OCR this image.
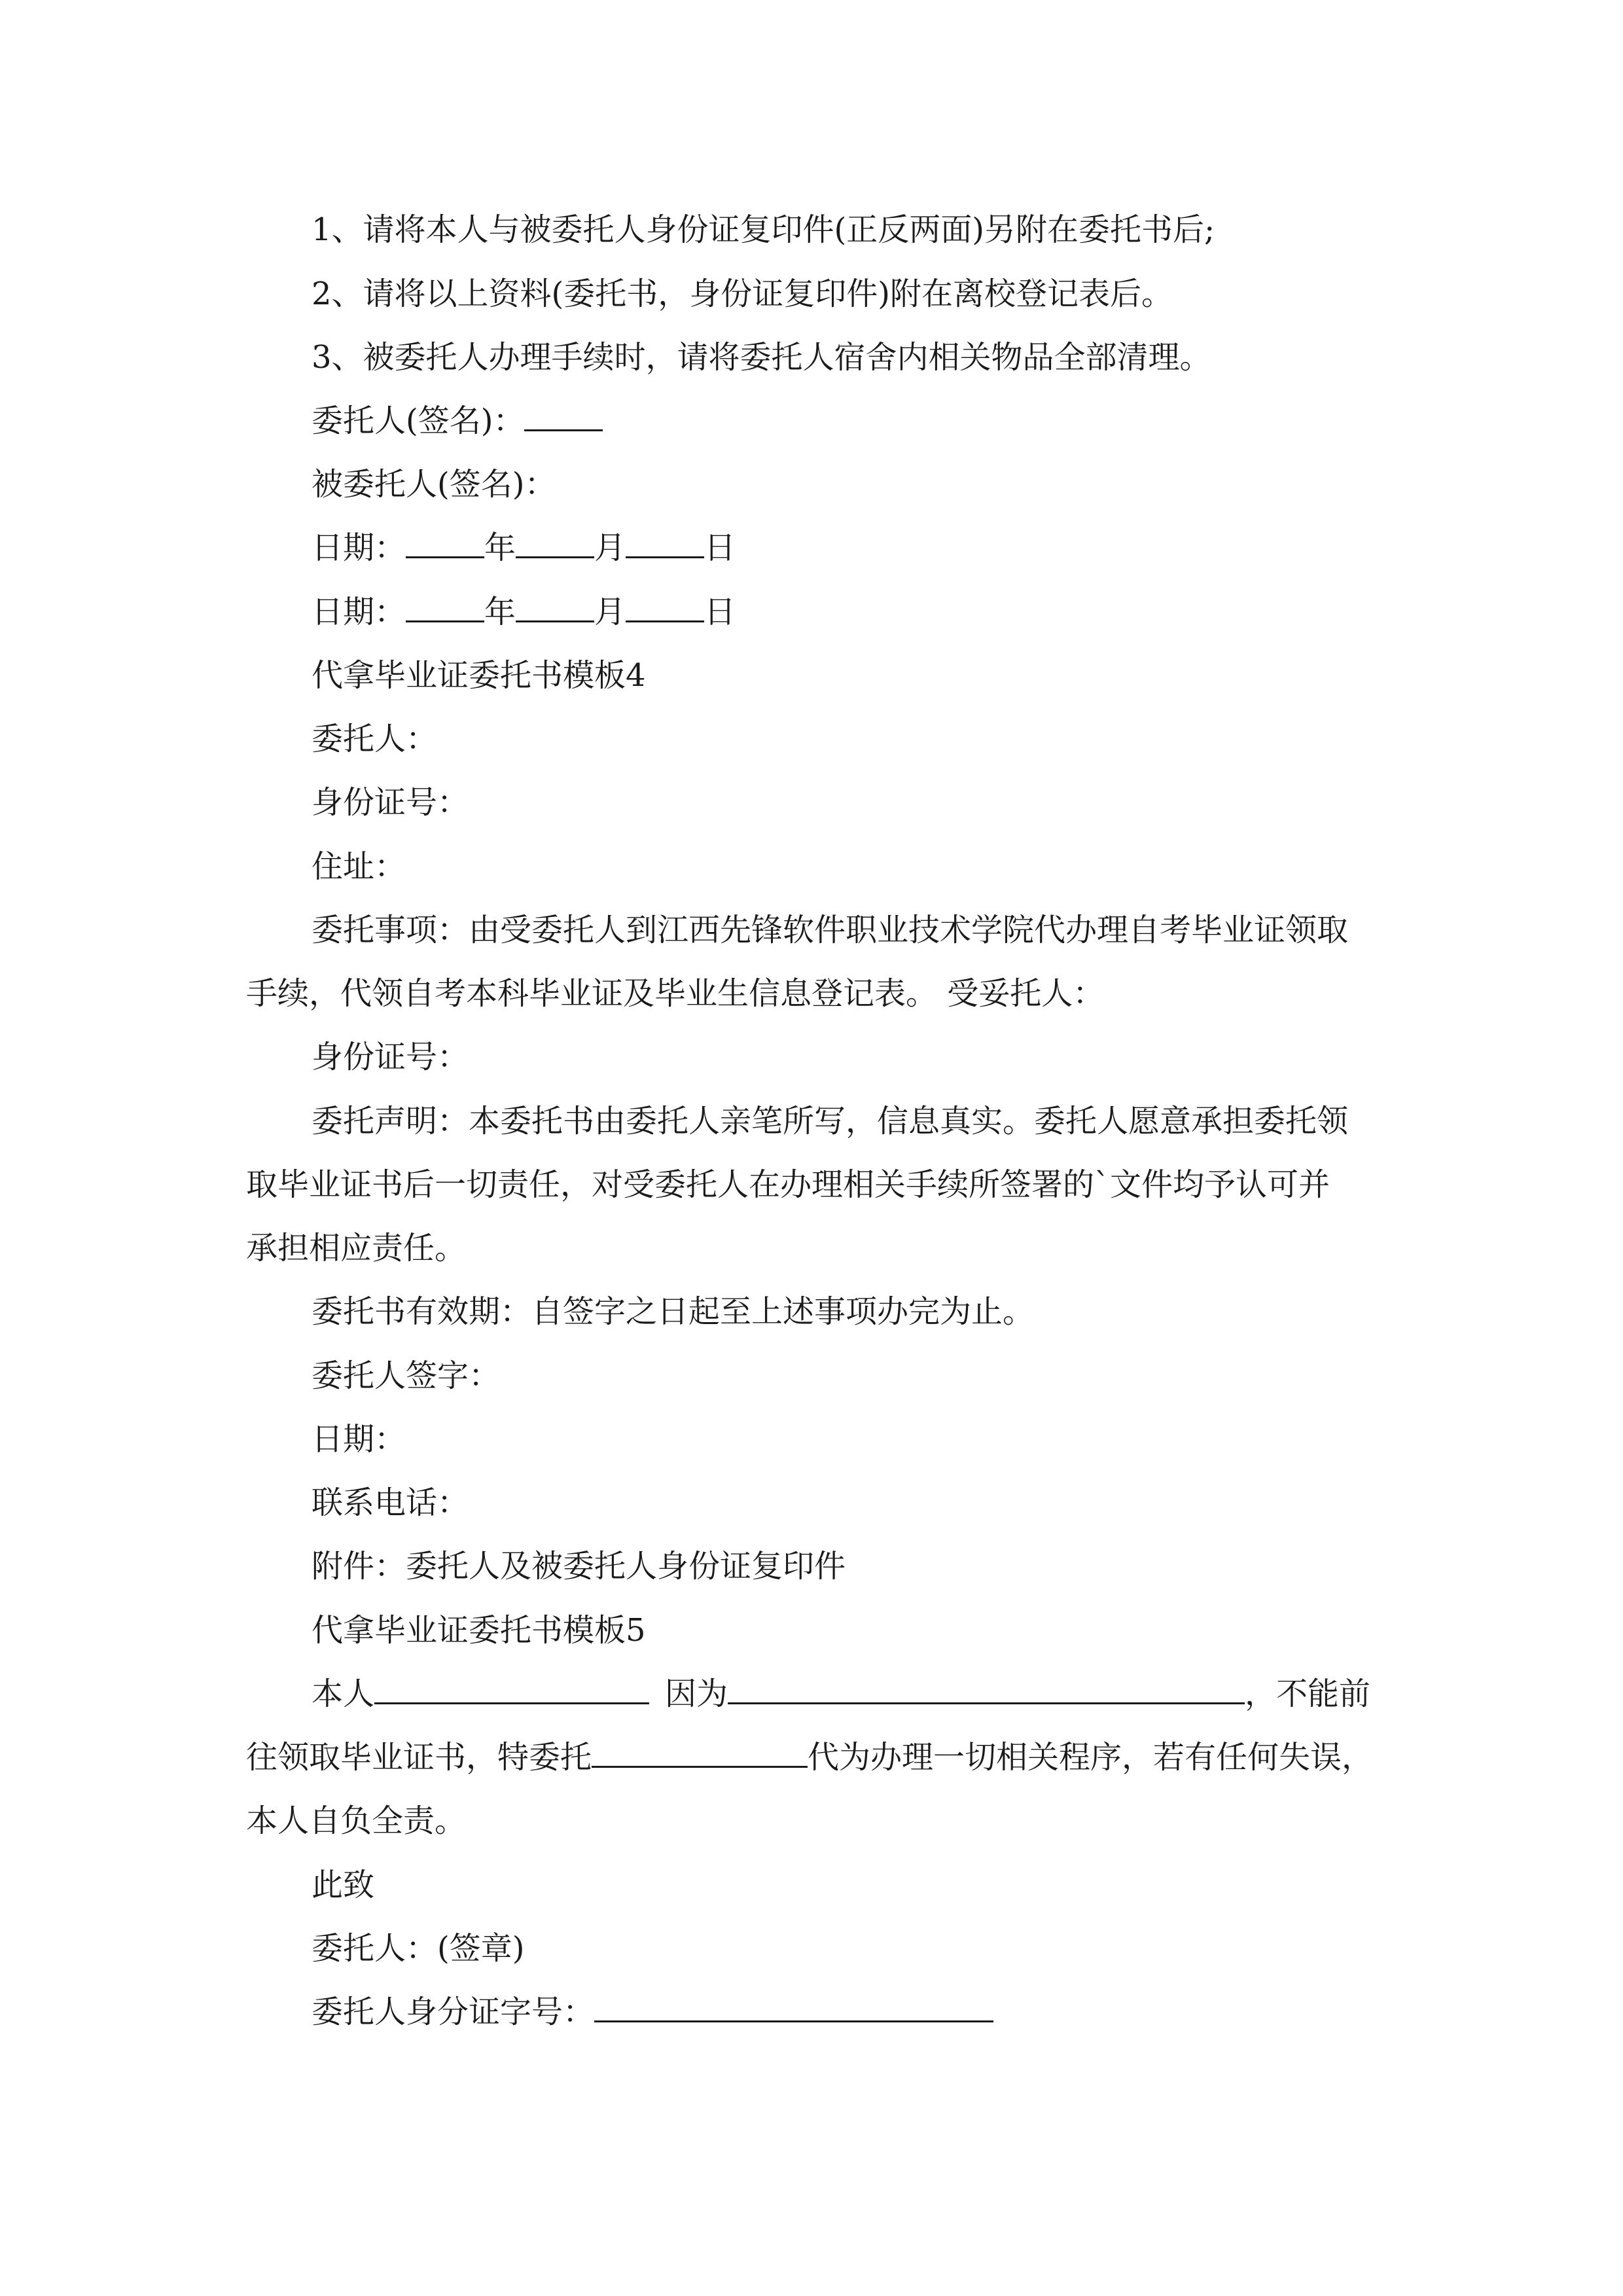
1、请将本人与被委托人身份证复印件(正反两面)另附在委托书后;
2、请将以上资料(委托书，身份证复印件)附在离校登记表后。
3、被委托人办理手续时，请将委托人宿舍内相关物品全部清理。
委托人(签名)：
被委托人(签名)：
日期：	年	月	日
日期：	年	月	日
代拿毕业证委托书模板4
委托人：
身份证号：
住址：
委托事项：由受委托人到江西先锋软件职业技术学院代办理自考毕业证领取
手续，代领自考本科毕业证及毕业生信息登记表。 受妥托人：
身份证号：
委托声明：本委托书由委托人亲笔所写，信息真实。委托人愿意承担委托领
取毕业证书后一切责任，对受委托人在办理相关手续所签署的`文件均予认可并
承担相应责任。
委托书有效期：自签字之日起至上述事项办完为止。
委托人签字：
日期：
联系电话：
附件：委托人及被委托人身份证复印件
代拿毕业证委托书模板5
本人	因为	，不能前
往领取毕业证书，特委托	代为办理一切相关程序，若有任何失误，
本人自负全责。
此致
委托人：(签章)
委托人身分证字号：
